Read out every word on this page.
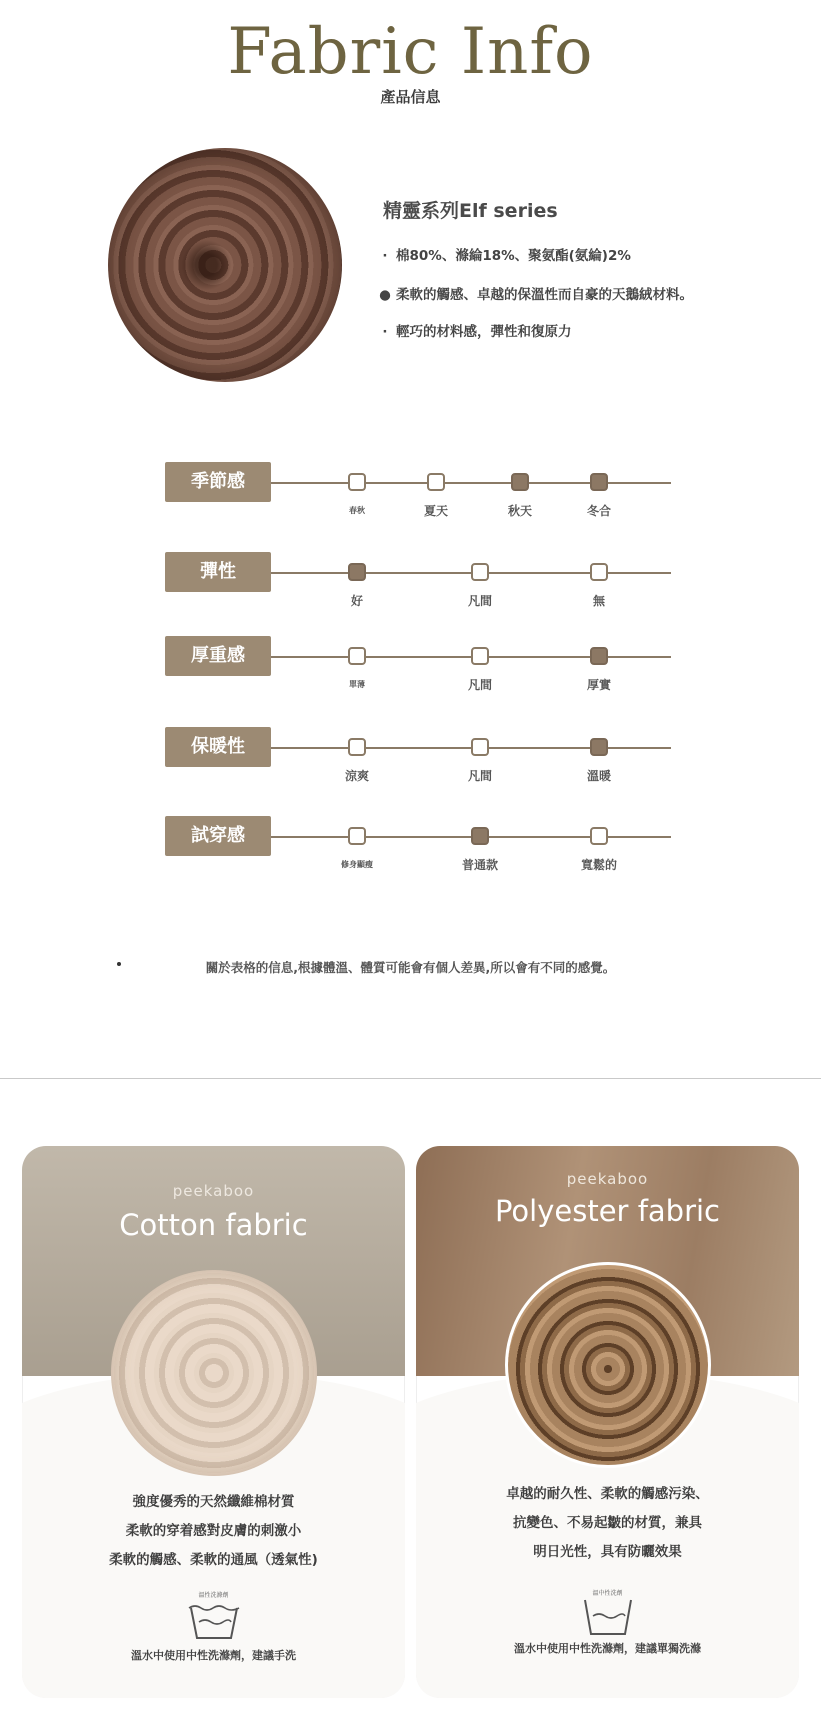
Fabric Info
產品信息
精靈系列Elf series
· 棉80%、滌綸18%、聚氨酯(氨綸)2%
● 柔軟的觸感、卓越的保溫性而自豪的天鵝絨材料。
· 輕巧的材料感，彈性和復原力
季節感
春秋	夏天	秋天	冬合
彈性
好	凡間	無
厚重感
單薄	凡間	厚實
保暖性
涼爽	凡間	溫暖
試穿感
修身顯瘦	普通款	寬鬆的
關於表格的信息,根據體溫、體質可能會有個人差異,所以會有不同的感覺。
peekaboo
Cotton fabric
強度優秀的天然纖維棉材質
柔軟的穿着感對皮膚的刺激小
柔軟的觸感、柔軟的通風（透氣性)
溫性洗滌劑
溫水中使用中性洗滌劑，建議手洗
peekaboo
Polyester fabric
卓越的耐久性、柔軟的觸感污染、
抗變色、不易起皺的材質，兼具
明日光性，具有防曬效果
溫中性洗劑
溫水中使用中性洗滌劑，建議單獨洗滌
